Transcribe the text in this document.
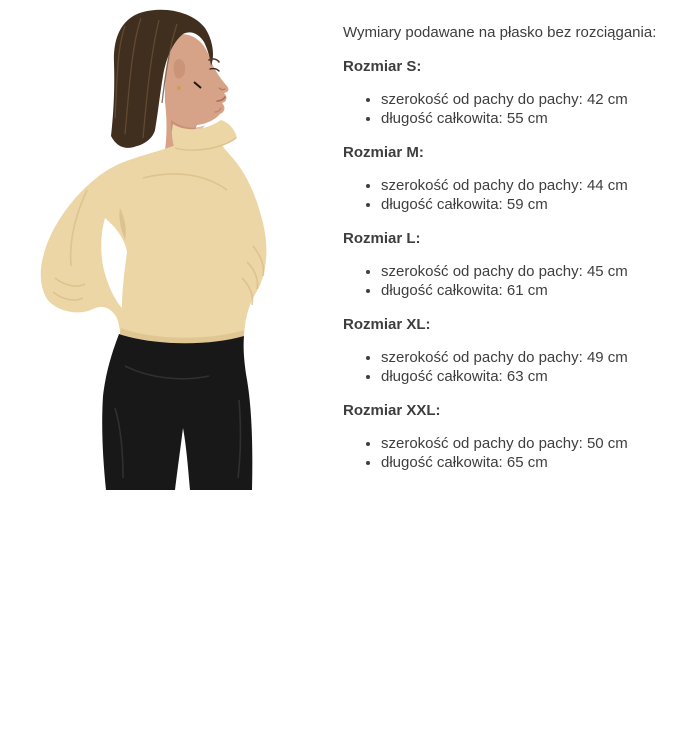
Wymiary podawane na płasko bez rozciągania:

Rozmiar S:

• szerokość od pachy do pachy: 42 cm
• długość całkowita: 55 cm

Rozmiar M:

• szerokość od pachy do pachy: 44 cm
• długość całkowita: 59 cm

Rozmiar L:

• szerokość od pachy do pachy: 45 cm
• długość całkowita: 61 cm

Rozmiar XL:

• szerokość od pachy do pachy: 49 cm
• długość całkowita: 63 cm

Rozmiar XXL:

• szerokość od pachy do pachy: 50 cm
• długość całkowita: 65 cm
